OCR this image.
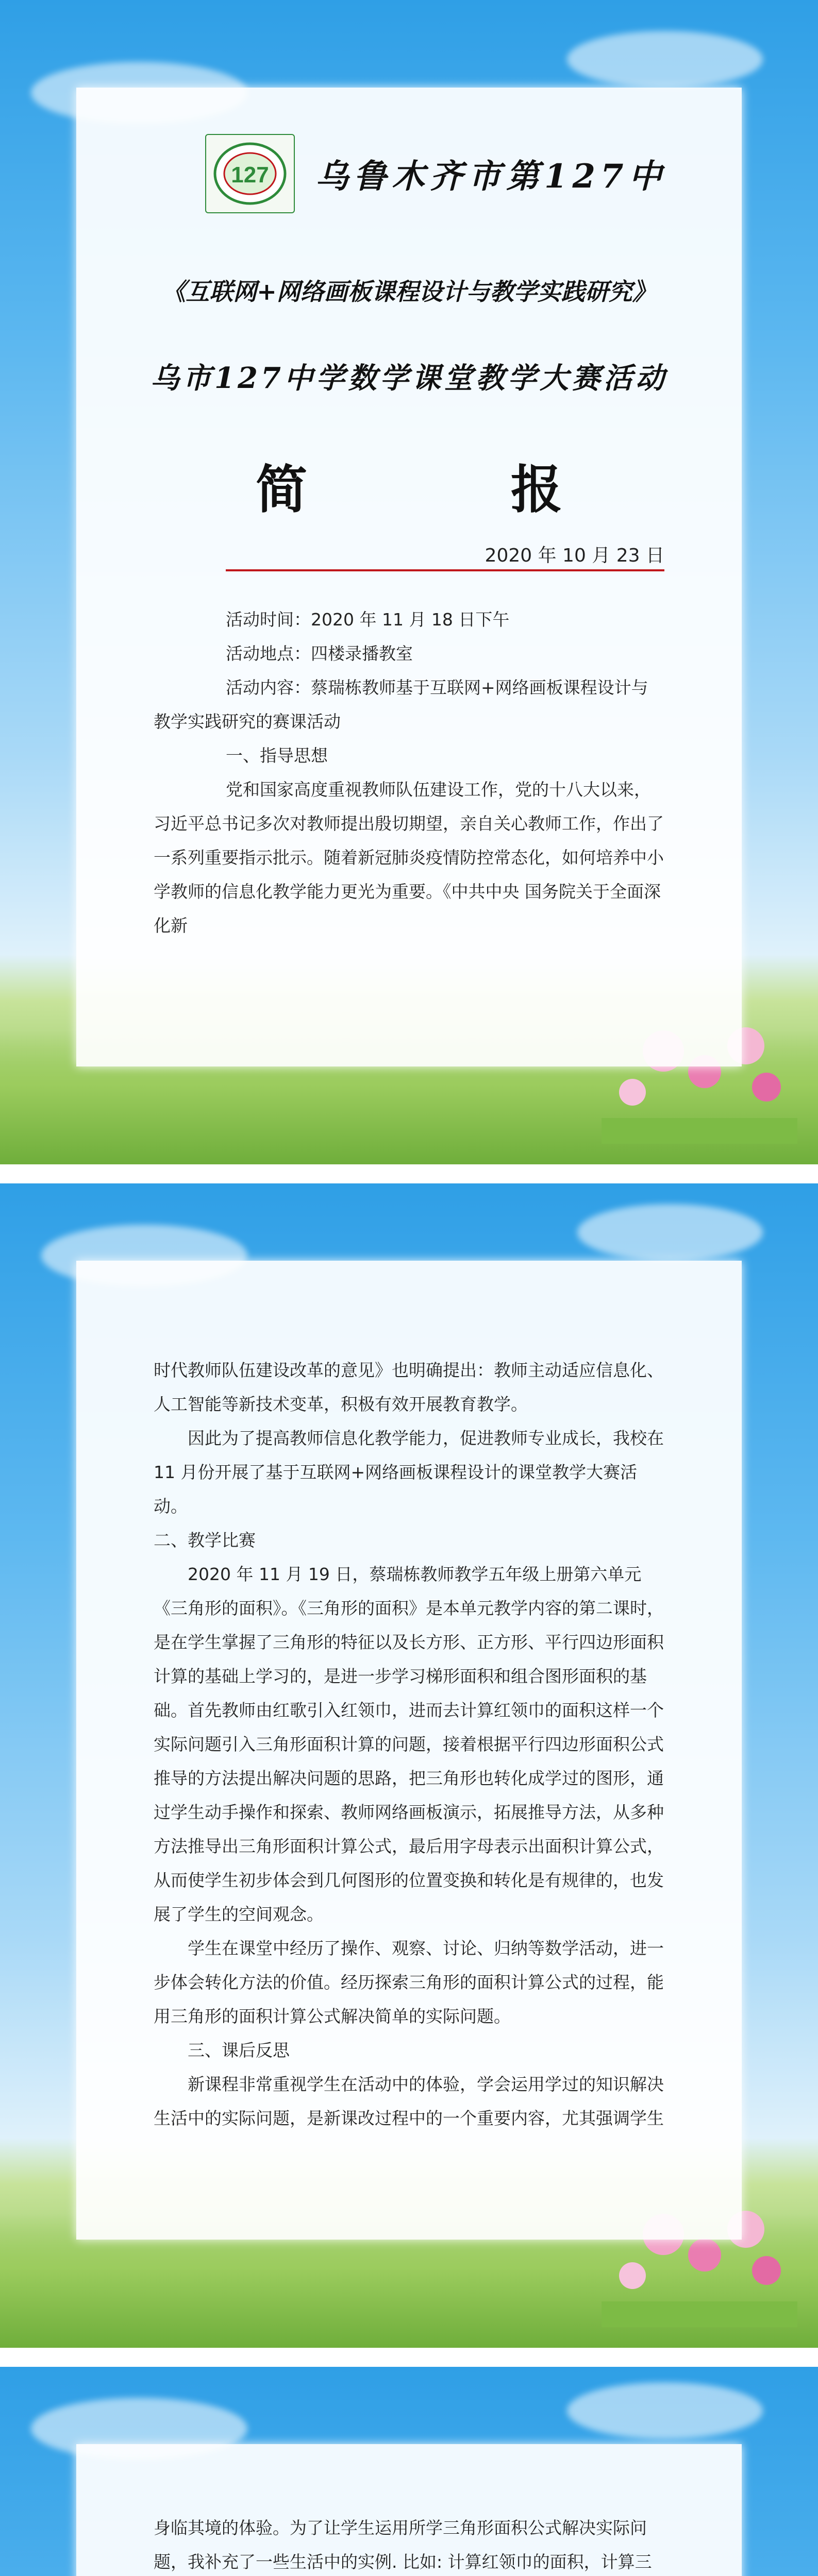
127 乌鲁木齐市第127中
《互联网+网络画板课程设计与教学实践研究》
乌市127中学数学课堂教学大赛活动
简 报
2020 年 10 月 23 日

活动时间：2020 年 11 月 18 日下午

活动地点：四楼录播教室

活动内容：蔡瑞栋教师基于互联网+网络画板课程设计与教学实践研究的赛课活动

一、指导思想

党和国家高度重视教师队伍建设工作，党的十八大以来，习近平总书记多次对教师提出殷切期望，亲自关心教师工作，作出了一系列重要指示批示。随着新冠肺炎疫情防控常态化，如何培养中小学教师的信息化教学能力更光为重要。《中共中央 国务院关于全面深化新

时代教师队伍建设改革的意见》也明确提出：教师主动适应信息化、人工智能等新技术变革，积极有效开展教育教学。

因此为了提高教师信息化教学能力，促进教师专业成长，我校在 11 月份开展了基于互联网+网络画板课程设计的课堂教学大赛活动。

二、教学比赛

2020 年 11 月 19 日，蔡瑞栋教师教学五年级上册第六单元《三角形的面积》。《三角形的面积》是本单元教学内容的第二课时，是在学生掌握了三角形的特征以及长方形、正方形、平行四边形面积计算的基础上学习的，是进一步学习梯形面积和组合图形面积的基础。首先教师由红歌引入红领巾，进而去计算红领巾的面积这样一个实际问题引入三角形面积计算的问题，接着根据平行四边形面积公式推导的方法提出解决问题的思路，把三角形也转化成学过的图形，通过学生动手操作和探索、教师网络画板演示，拓展推导方法，从多种方法推导出三角形面积计算公式，最后用字母表示出面积计算公式，从而使学生初步体会到几何图形的位置变换和转化是有规律的，也发展了学生的空间观念。

学生在课堂中经历了操作、观察、讨论、归纳等数学活动，进一步体会转化方法的价值。经历探索三角形的面积计算公式的过程，能用三角形的面积计算公式解决简单的实际问题。

三、课后反思

新课程非常重视学生在活动中的体验，学会运用学过的知识解决生活中的实际问题，是新课改过程中的一个重要内容，尤其强调学生

身临其境的体验。为了让学生运用所学三角形面积公式解决实际问题，我补充了一些生活中的实例. 比如: 计算红领巾的面积，计算三
